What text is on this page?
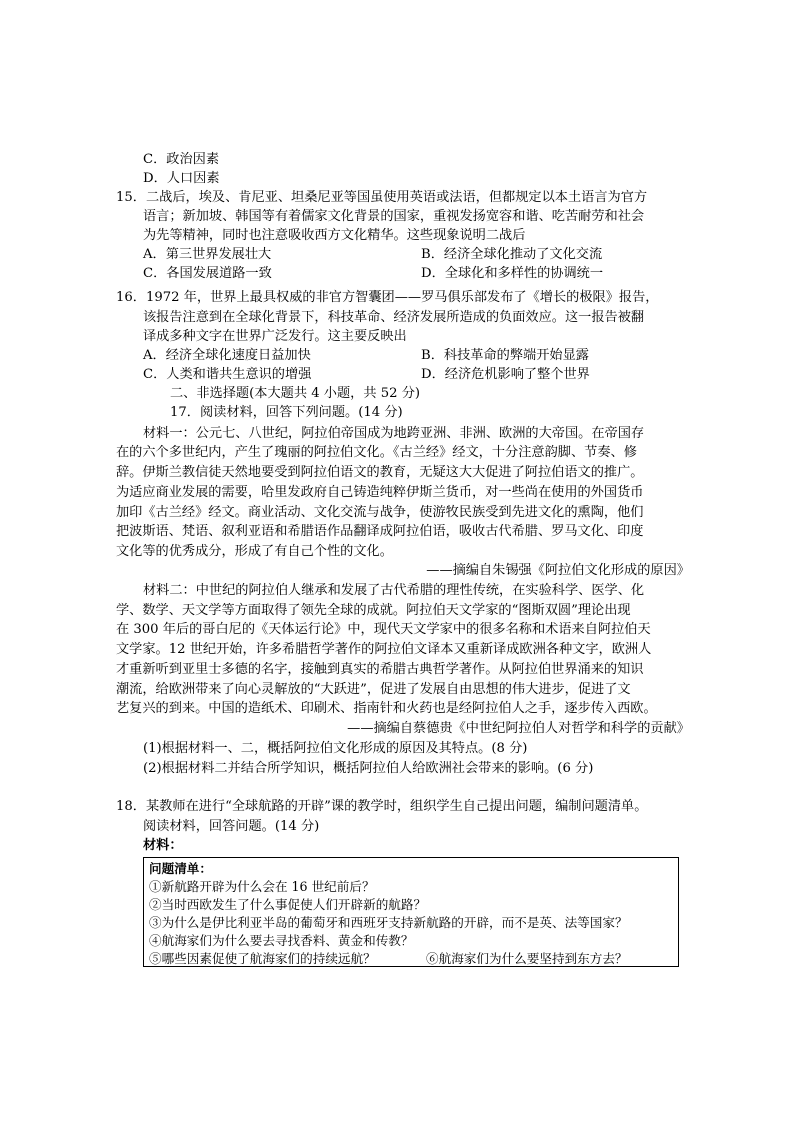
C．政治因素
D．人口因素
15．二战后，埃及、肯尼亚、坦桑尼亚等国虽使用英语或法语，但都规定以本土语言为官方
语言；新加坡、韩国等有着儒家文化背景的国家，重视发扬宽容和谐、吃苦耐劳和社会
为先等精神，同时也注意吸收西方文化精华。这些现象说明二战后
A．第三世界发展壮大	B．经济全球化推动了文化交流
C．各国发展道路一致	D．全球化和多样性的协调统一
16．1972 年，世界上最具权威的非官方智囊团——罗马俱乐部发布了《增长的极限》报告，
该报告注意到在全球化背景下，科技革命、经济发展所造成的负面效应。这一报告被翻
译成多种文字在世界广泛发行。这主要反映出
A．经济全球化速度日益加快	B．科技革命的弊端开始显露
C．人类和谐共生意识的增强	D．经济危机影响了整个世界
二、非选择题(本大题共 4 小题，共 52 分)
17．阅读材料，回答下列问题。(14 分)
材料一：公元七、八世纪，阿拉伯帝国成为地跨亚洲、非洲、欧洲的大帝国。在帝国存
在的六个多世纪内，产生了瑰丽的阿拉伯文化。《古兰经》经文，十分注意韵脚、节奏、修
辞。伊斯兰教信徒天然地要受到阿拉伯语文的教育，无疑这大大促进了阿拉伯语文的推广。
为适应商业发展的需要，哈里发政府自己铸造纯粹伊斯兰货币，对一些尚在使用的外国货币
加印《古兰经》经文。商业活动、文化交流与战争，使游牧民族受到先进文化的熏陶，他们
把波斯语、梵语、叙利亚语和希腊语作品翻译成阿拉伯语，吸收古代希腊、罗马文化、印度
文化等的优秀成分，形成了有自己个性的文化。
——摘编自朱锡强《阿拉伯文化形成的原因》
材料二：中世纪的阿拉伯人继承和发展了古代希腊的理性传统，在实验科学、医学、化
学、数学、天文学等方面取得了领先全球的成就。阿拉伯天文学家的“图斯双圆”理论出现
在 300 年后的哥白尼的《天体运行论》中，现代天文学家中的很多名称和术语来自阿拉伯天
文学家。12 世纪开始，许多希腊哲学著作的阿拉伯文译本又重新译成欧洲各种文字，欧洲人
才重新听到亚里士多德的名字，接触到真实的希腊古典哲学著作。从阿拉伯世界涌来的知识
潮流，给欧洲带来了向心灵解放的“大跃进”，促进了发展自由思想的伟大进步，促进了文
艺复兴的到来。中国的造纸术、印刷术、指南针和火药也是经阿拉伯人之手，逐步传入西欧。
——摘编自蔡德贵《中世纪阿拉伯人对哲学和科学的贡献》
(1)根据材料一、二，概括阿拉伯文化形成的原因及其特点。(8 分)
(2)根据材料二并结合所学知识，概括阿拉伯人给欧洲社会带来的影响。(6 分)
18．某教师在进行“全球航路的开辟”课的教学时，组织学生自己提出问题，编制问题清单。
阅读材料，回答问题。(14 分)
材料：
问题清单：
①新航路开辟为什么会在 16 世纪前后？
②当时西欧发生了什么事促使人们开辟新的航路？
③为什么是伊比利亚半岛的葡萄牙和西班牙支持新航路的开辟，而不是英、法等国家？
④航海家们为什么要去寻找香料、黄金和传教？
⑤哪些因素促使了航海家们的持续远航？	⑥航海家们为什么要坚持到东方去？
